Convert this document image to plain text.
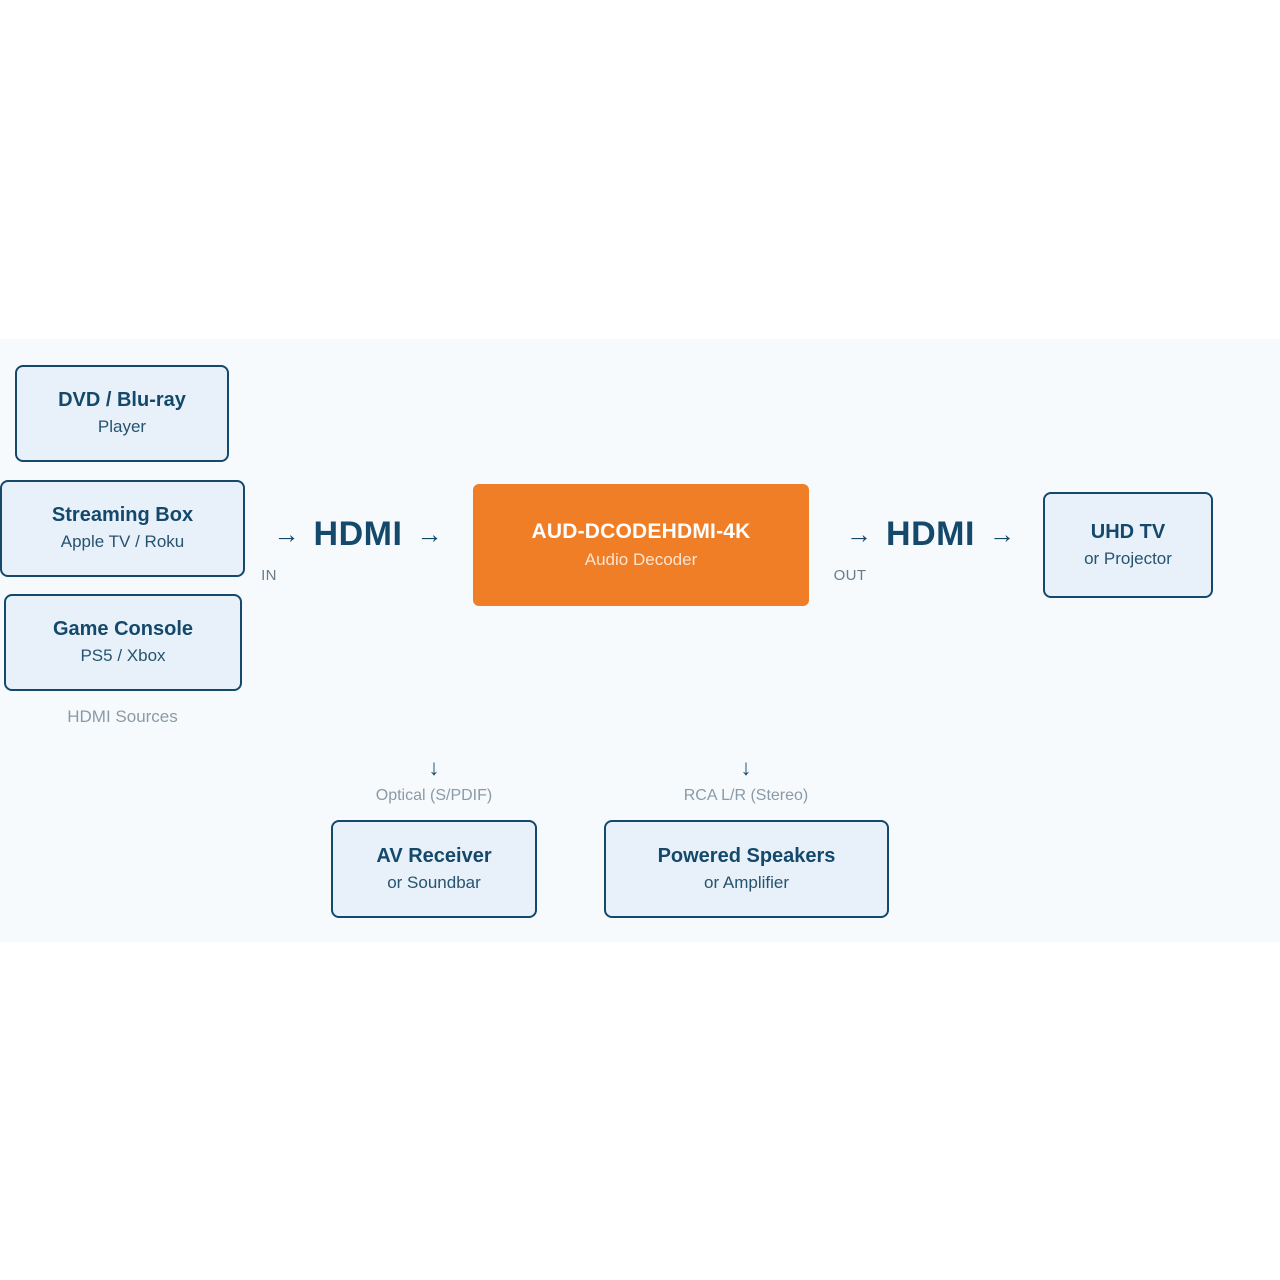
DVD / Blu-ray
Player
Streaming Box
Apple TV / Roku
Game Console
PS5 / Xbox
HDMI Sources
→ HDMI →
IN
AUD-DCODEHDMI-4K
Audio Decoder
→ HDMI →
OUT
UHD TV
or Projector
↓
Optical (S/PDIF)
AV Receiver
or Soundbar
↓
RCA L/R (Stereo)
Powered Speakers
or Amplifier
